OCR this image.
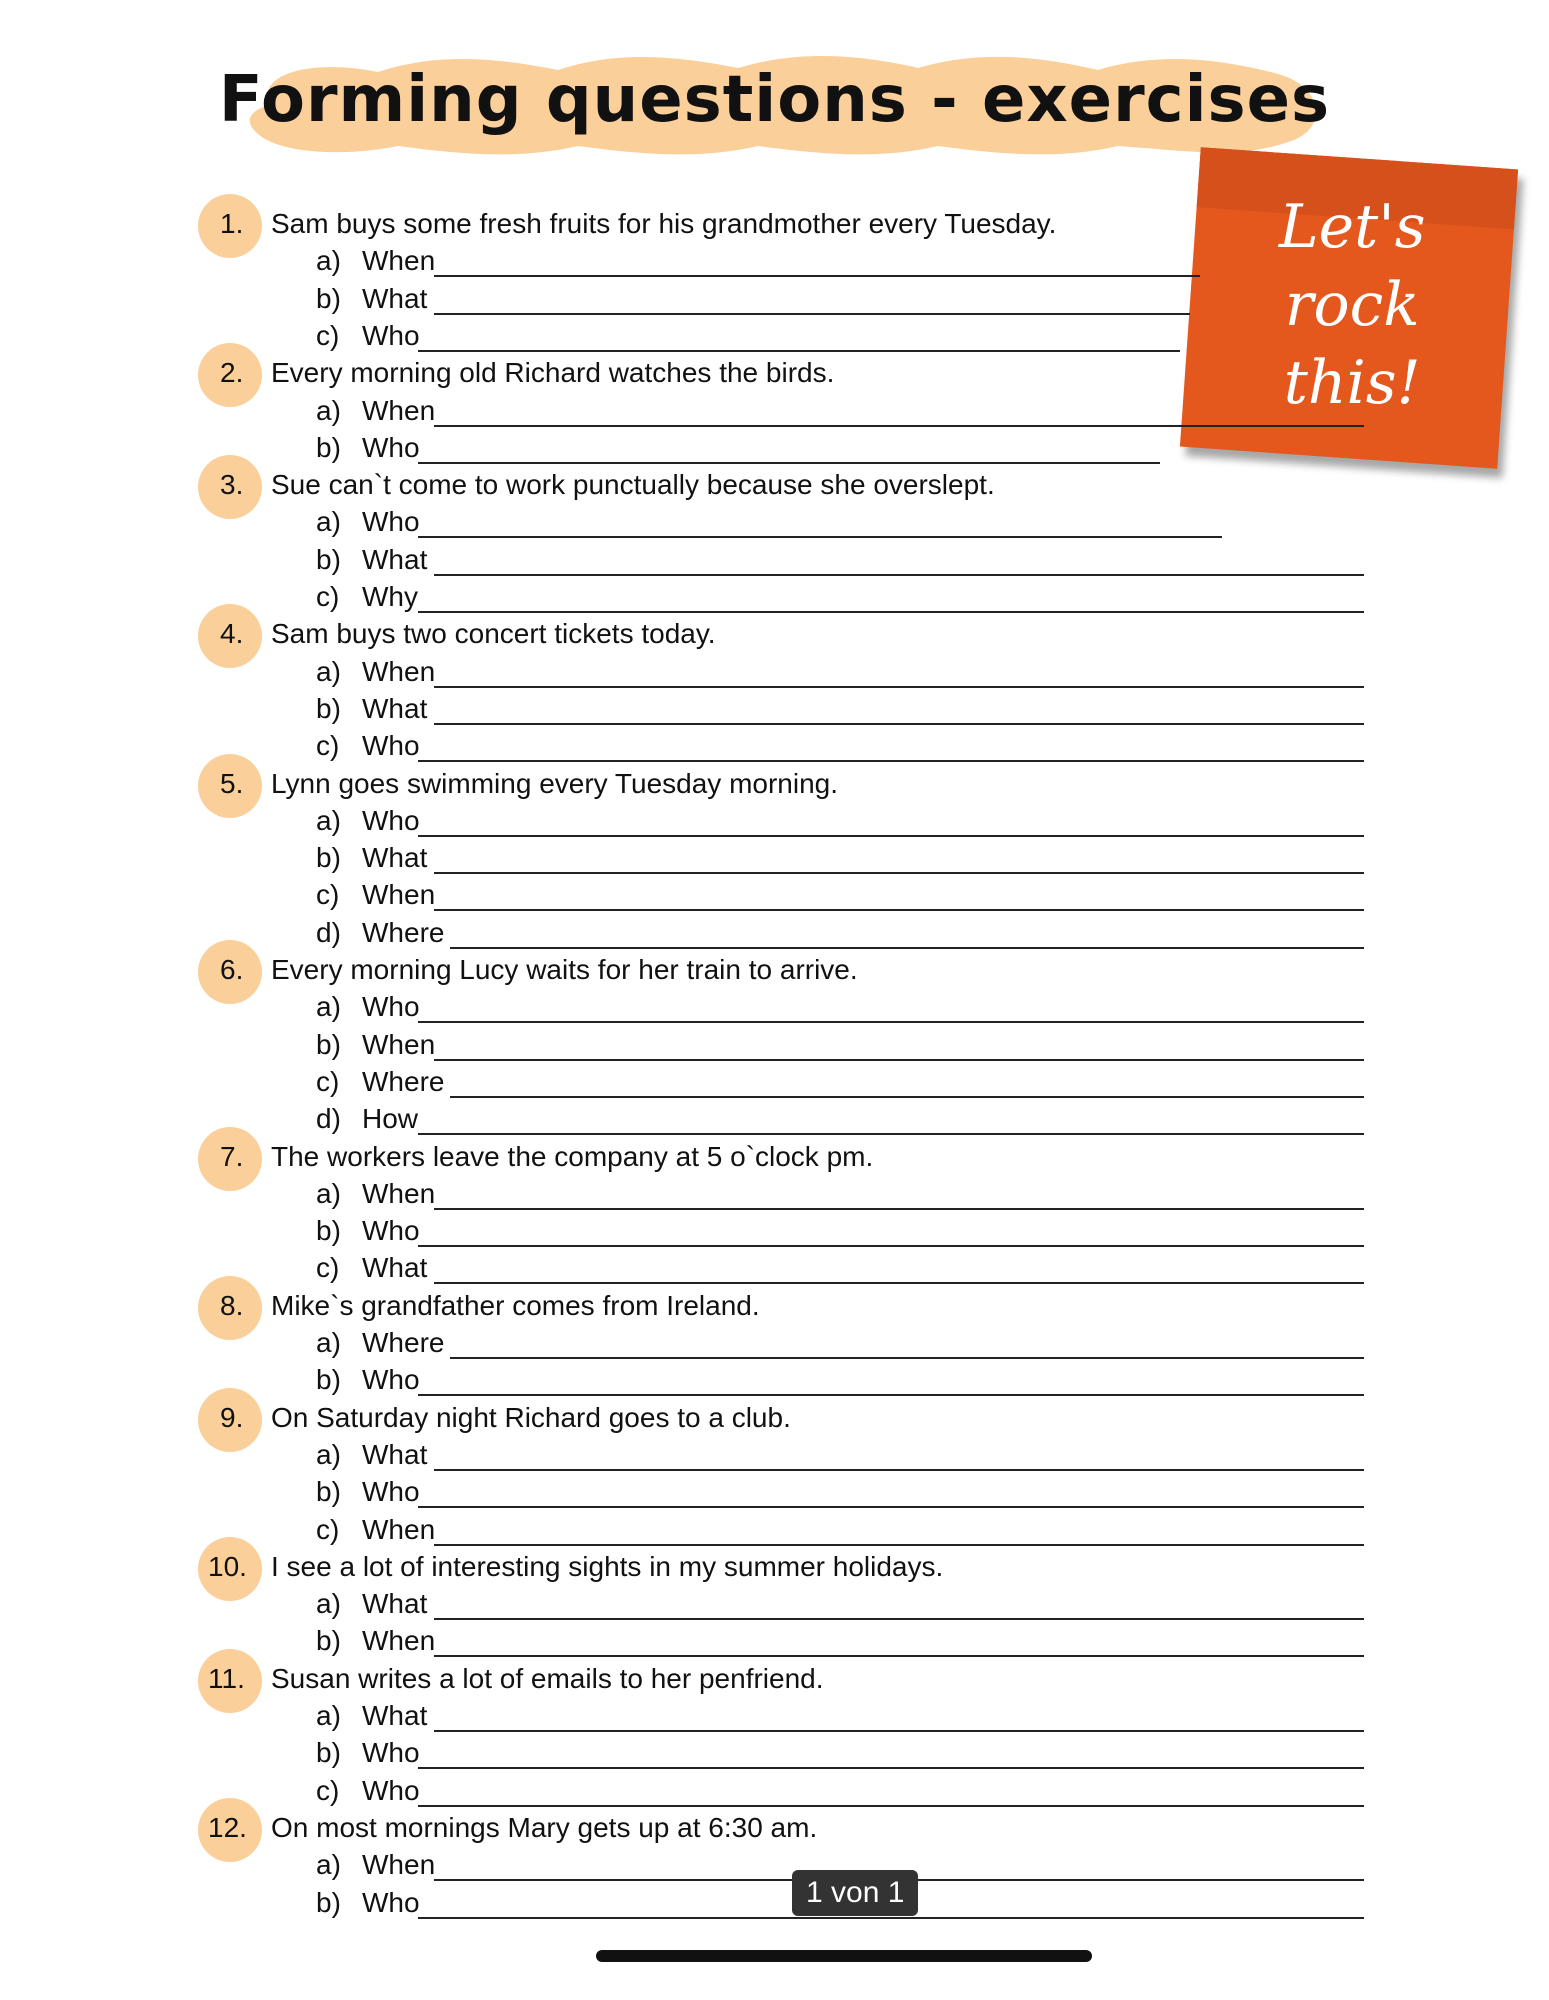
Forming questions - exercises
Let's
rock
this!
1. Sam buys some fresh fruits for his grandmother every Tuesday.
a) When
b) What
c) Who
2. Every morning old Richard watches the birds.
a) When
b) Who
3. Sue can`t come to work punctually because she overslept.
a) Who
b) What
c) Why
4. Sam buys two concert tickets today.
a) When
b) What
c) Who
5. Lynn goes swimming every Tuesday morning.
a) Who
b) What
c) When
d) Where
6. Every morning Lucy waits for her train to arrive.
a) Who
b) When
c) Where
d) How
7. The workers leave the company at 5 o`clock pm.
a) When
b) Who
c) What
8. Mike`s grandfather comes from Ireland.
a) Where
b) Who
9. On Saturday night Richard goes to a club.
a) What
b) Who
c) When
10. I see a lot of interesting sights in my summer holidays.
a) What
b) When
11. Susan writes a lot of emails to her penfriend.
a) What
b) Who
c) Who
12. On most mornings Mary gets up at 6:30 am.
a) When
b) Who	1 von 1
